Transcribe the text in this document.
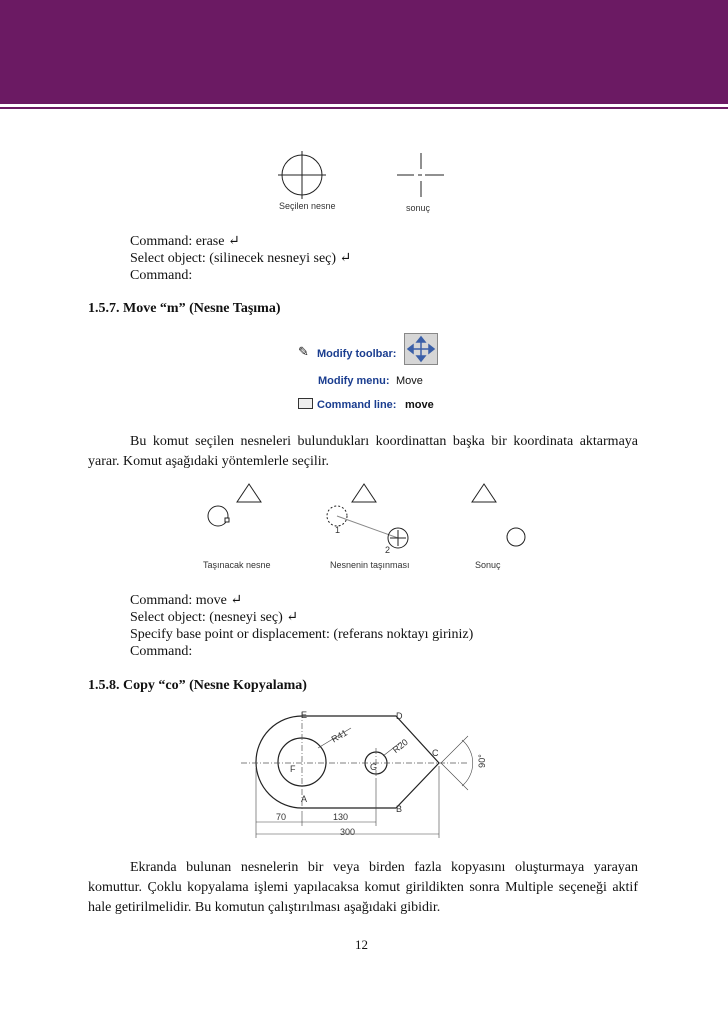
Seçilen nesne	sonuç
Command: erase ↵
Select object: (silinecek nesneyi seç) ↵
Command:
1.5.7. Move “m” (Nesne Taşıma)
✎ Modify toolbar:
Modify menu: Move
Command line: move
Bu komut seçilen nesneleri bulundukları koordinattan başka bir koordinata aktarmaya yarar. Komut aşağıdaki yöntemlerle seçilir.
1
2
Taşınacak nesne	Nesnenin taşınması	Sonuç
Command: move ↵
Select object: (nesneyi seç) ↵
Specify base point or displacement: (referans noktayı giriniz)
Command:
1.5.8. Copy “co” (Nesne Kopyalama)
E	D
C
B
A
F	G
R41
R20
90°
70	130
300
Ekranda bulunan nesnelerin bir veya birden fazla kopyasını oluşturmaya yarayan komuttur. Çoklu kopyalama işlemi yapılacaksa komut girildikten sonra Multiple seçeneği aktif hale getirilmelidir. Bu komutun çalıştırılması aşağıdaki gibidir.
12
